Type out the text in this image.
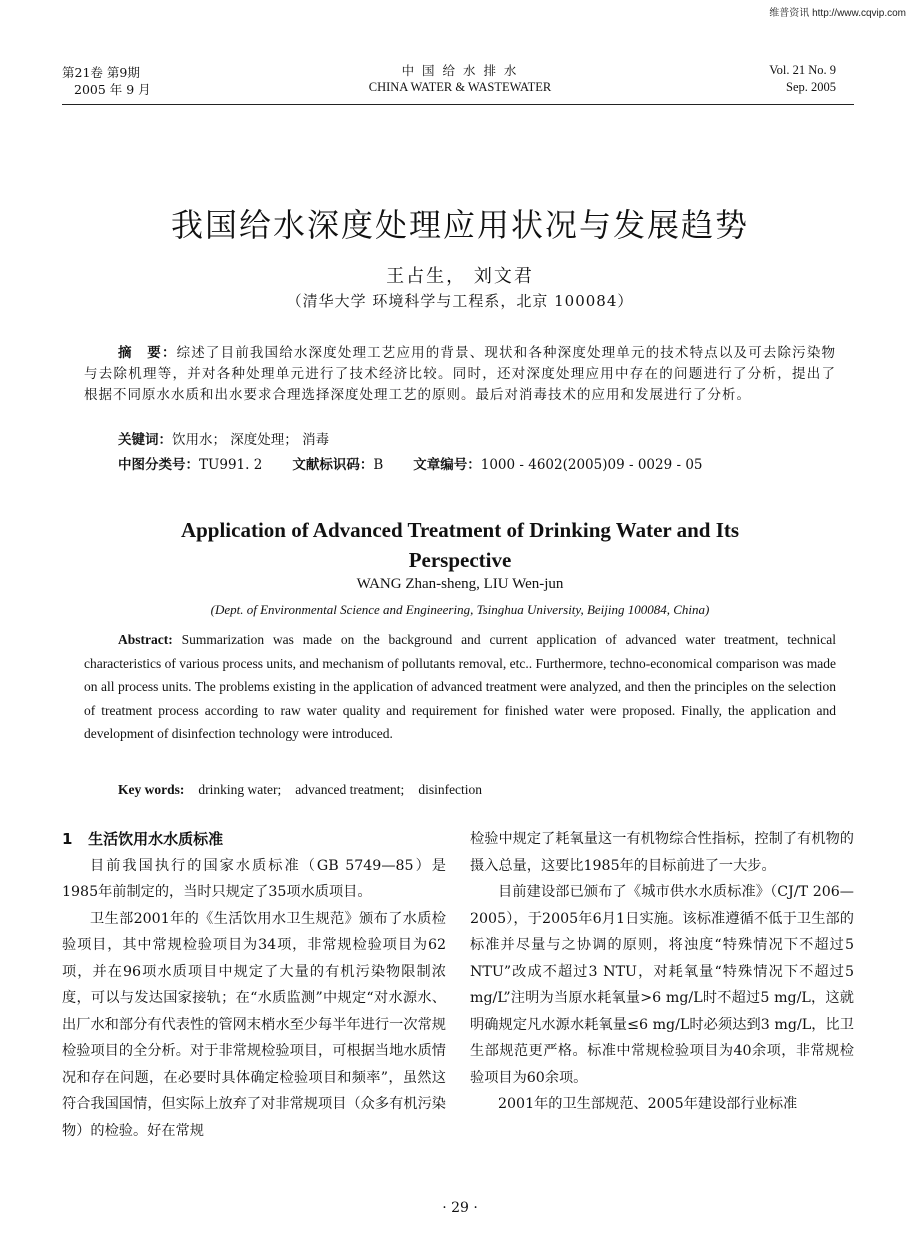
维普资讯 http://www.cqvip.com
第21卷 第9期
2005 年 9 月
中 国 给 水 排 水
CHINA WATER & WASTEWATER
Vol. 21 No. 9
Sep. 2005
我国给水深度处理应用状况与发展趋势
王占生， 刘文君
（清华大学 环境科学与工程系，北京 100084）
摘　要：综述了目前我国给水深度处理工艺应用的背景、现状和各种深度处理单元的技术特点以及可去除污染物与去除机理等，并对各种处理单元进行了技术经济比较。同时，还对深度处理应用中存在的问题进行了分析，提出了根据不同原水水质和出水要求合理选择深度处理工艺的原则。最后对消毒技术的应用和发展进行了分析。
关键词：饮用水； 深度处理； 消毒
中图分类号：TU991. 2 文献标识码：B 文章编号：1000 - 4602(2005)09 - 0029 - 05
Application of Advanced Treatment of Drinking Water and Its
Perspective
WANG Zhan-sheng, LIU Wen-jun
(Dept. of Environmental Science and Engineering, Tsinghua University, Beijing 100084, China)
Abstract: Summarization was made on the background and current application of advanced water treatment, technical characteristics of various process units, and mechanism of pollutants removal, etc.. Furthermore, techno-economical comparison was made on all process units. The problems existing in the application of advanced treatment were analyzed, and then the principles on the selection of treatment process according to raw water quality and requirement for finished water were proposed. Finally, the application and development of disinfection technology were introduced.
Key words: drinking water; advanced treatment; disinfection
1 生活饮用水水质标准

目前我国执行的国家水质标准（GB 5749—85）是1985年前制定的，当时只规定了35项水质项目。

卫生部2001年的《生活饮用水卫生规范》颁布了水质检验项目，其中常规检验项目为34项，非常规检验项目为62项，并在96项水质项目中规定了大量的有机污染物限制浓度，可以与发达国家接轨；在“水质监测”中规定“对水源水、出厂水和部分有代表性的管网末梢水至少每半年进行一次常规检验项目的全分析。对于非常规检验项目，可根据当地水质情况和存在问题，在必要时具体确定检验项目和频率”，虽然这符合我国国情，但实际上放弃了对非常规项目（众多有机污染物）的检验。好在常规

检验中规定了耗氧量这一有机物综合性指标，控制了有机物的摄入总量，这要比1985年的目标前进了一大步。

目前建设部已颁布了《城市供水水质标准》（CJ/T 206—2005），于2005年6月1日实施。该标准遵循不低于卫生部的标准并尽量与之协调的原则，将浊度“特殊情况下不超过5 NTU”改成不超过3 NTU，对耗氧量“特殊情况下不超过5 mg/L”注明为当原水耗氧量>6 mg/L时不超过5 mg/L，这就明确规定凡水源水耗氧量≤6 mg/L时必须达到3 mg/L，比卫生部规范更严格。标准中常规检验项目为40余项，非常规检验项目为60余项。

2001年的卫生部规范、2005年建设部行业标准

· 29 ·
